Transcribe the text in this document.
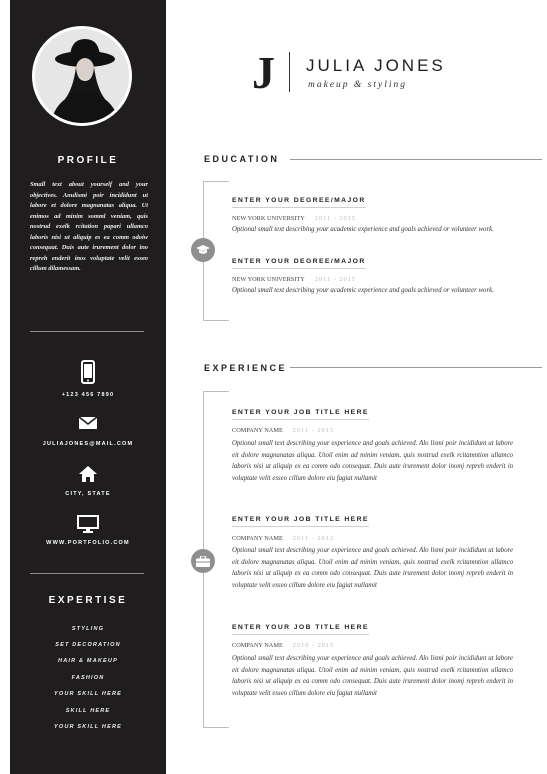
PROFILE
Small text about yourself and your objectives. Anulismi poir incididunt ut labore et dolore magnanatas aliqua. Ut enimos ad minim somml veniam, quis nostrud exelk rcitation papari ullamco laboris nisi ut aliquip es ea comm odoiw consequat. Duis aute irurement dolor ino repreh enderit inos voluptate velit esseo cillum dilamessam.
+123 456 7890
JULIAJONES@MAIL.COM
CITY, STATE
WWW.PORTFOLIO.COM
EXPERTISE
STYLING
SET DECORATION
HAIR & MAKEUP
FASHION
YOUR SKILL HERE
SKILL HERE
YOUR SKILL HERE
J JULIA JONES
makeup & styling
EDUCATION
ENTER YOUR DEGREE/MAJOR
NEW YORK UNIVERSITY 2011 - 2015
Optional small text describing your academic experience and goals achieved or volunteer work.
ENTER YOUR DEGREE/MAJOR
NEW YORK UNIVERSITY 2011 - 2015
Optional small text describing your academic experience and goals achieved or volunteer work.
EXPERIENCE
ENTER YOUR JOB TITLE HERE
COMPANY NAME 2011 - 2015
Optional small text describing your experience and goals achieved. Alo lismi poir incididunt ut labore eit dolore magnanatas aliqua. Utoil enim ad minim veniam, quis nostrud exelk rcitamntion ullamco laboris nisi ut aliquip ex ea comm odo consequat. Duis aute irurement dolor inomj repreh enderit in voluptate velit esseo cillum dolore eiu fagiat nullamit
ENTER YOUR JOB TITLE HERE
COMPANY NAME 2011 - 2012
Optional small text describing your experience and goals achieved. Alo lismi poir incididunt ut labore eit dolore magnanatas aliqua. Utoil enim ad minim veniam, quis nostrud exelk rcitamntion ullamco laboris nisi ut aliquip ex ea comm odo consequat. Duis aute irurement dolor inomj repreh enderit in voluptate velit esseo cillum dolore eiu fagiat nullamit
ENTER YOUR JOB TITLE HERE
COMPANY NAME 2010 - 2015
Optional small text describing your experience and goals achieved. Alo lismi poir incididunt ut labore eit dolore magnanatas aliqua. Utoil enim ad minim veniam, quis nostrud exelk rcitamntion ullamco laboris nisi ut aliquip ex ea comm odo consequat. Duis aute irurement dolor inomj repreh enderit in voluptate velit esseo cillum dolore eiu fagiat nullamit
